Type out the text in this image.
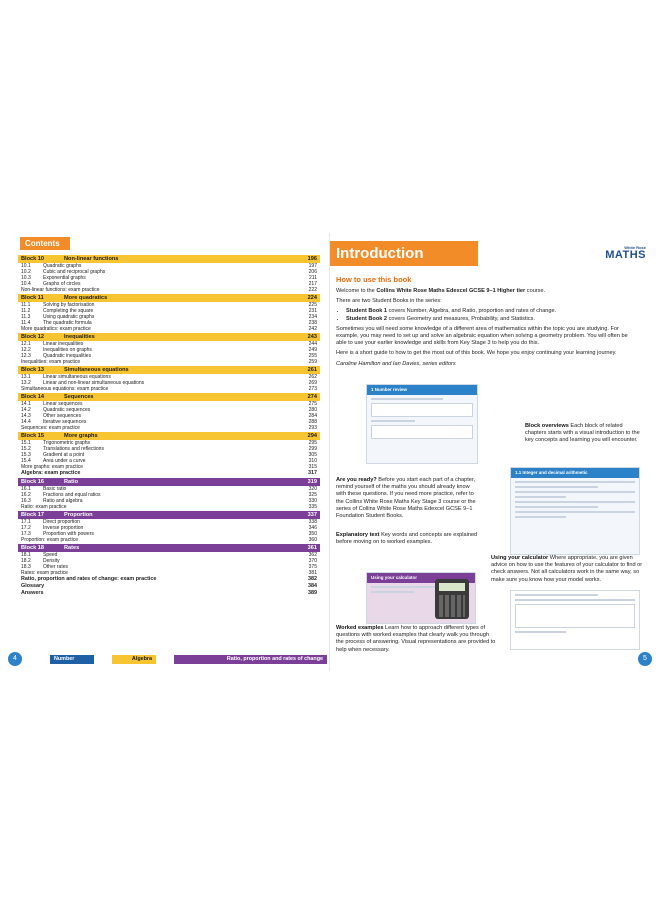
Contents
Block 10	Non-linear functions	196
10.1	Quadratic graphs	197
10.2	Cubic and reciprocal graphs	206
10.3	Exponential graphs	211
10.4	Graphs of circles	217
Non-linear functions: exam practice	222
Block 11	More quadratics	224
11.1	Solving by factorisation	225
11.2	Completing the square	231
11.3	Using quadratic graphs	234
11.4	The quadratic formula	238
More quadratics: exam practice	242
Block 12	Inequalities	243
12.1	Linear inequalities	244
12.2	Inequalities on graphs	249
12.3	Quadratic inequalities	255
Inequalities: exam practice	259
Block 13	Simultaneous equations	261
13.1	Linear simultaneous equations	262
13.2	Linear and non-linear simultaneous equations	269
Simultaneous equations: exam practice	273
Block 14	Sequences	274
14.1	Linear sequences	275
14.2	Quadratic sequences	280
14.3	Other sequences	284
14.4	Iterative sequences	288
Sequences: exam practice	293
Block 15	More graphs	294
15.1	Trigonometric graphs	295
15.2	Translations and reflections	299
15.3	Gradient at a point	305
15.4	Area under a curve	310
More graphs: exam practice	315
Algebra: exam practice	317
Block 16	Ratio	319
16.1	Basic ratio	320
16.2	Fractions and equal ratios	325
16.3	Ratio and algebra	330
Ratio: exam practice	335
Block 17	Proportion	337
17.1	Direct proportion	338
17.2	Inverse proportion	346
17.3	Proportion with powers	350
Proportion: exam practice	360
Block 18	Rates	361
18.1	Speed	362
18.2	Density	370
18.3	Other rates	375
Rates: exam practice	381
Ratio, proportion and rates of change: exam practice	382
Glossary	384
Answers	389
4	Number	Algebra	Ratio, proportion and rates of change
Introduction	White Rose
MATHS
How to use this book

Welcome to the Collins White Rose Maths Edexcel GCSE 9–1 Higher tier course.

There are two Student Books in the series:

• Student Book 1 covers Number, Algebra, and Ratio, proportion and rates of change.
• Student Book 2 covers Geometry and measures, Probability, and Statistics.

Sometimes you will need some knowledge of a different area of mathematics within the topic you are studying. For example, you may need to set up and solve an algebraic equation when solving a geometry problem. You will often be able to use your earlier knowledge and skills from Key Stage 3 to help you do this.

Here is a short guide to how to get the most out of this book. We hope you enjoy continuing your learning journey.

Caroline Hamilton and Ian Davies, series editors

1 Number review
Block overviews Each block of related chapters starts with a visual introduction to the key concepts and learning you will encounter.
Are you ready? Before you start each part of a chapter, remind yourself of the maths you should already know with these questions. If you need more practice, refer to the Collins White Rose Maths Key Stage 3 course or the series of Collins White Rose Maths Edexcel GCSE 9–1 Foundation Student Books.
1.1 Integer and decimal arithmetic
Explanatory text Key words and concepts are explained before moving on to worked examples.
Using your calculator
Using your calculator Where appropriate, you are given advice on how to use the features of your calculator to find or check answers. Not all calculators work in the same way, so make sure you know how your model works.
Worked examples Learn how to approach different types of questions with worked examples that clearly walk you through the process of answering. Visual representations are provided to help when necessary.
5
